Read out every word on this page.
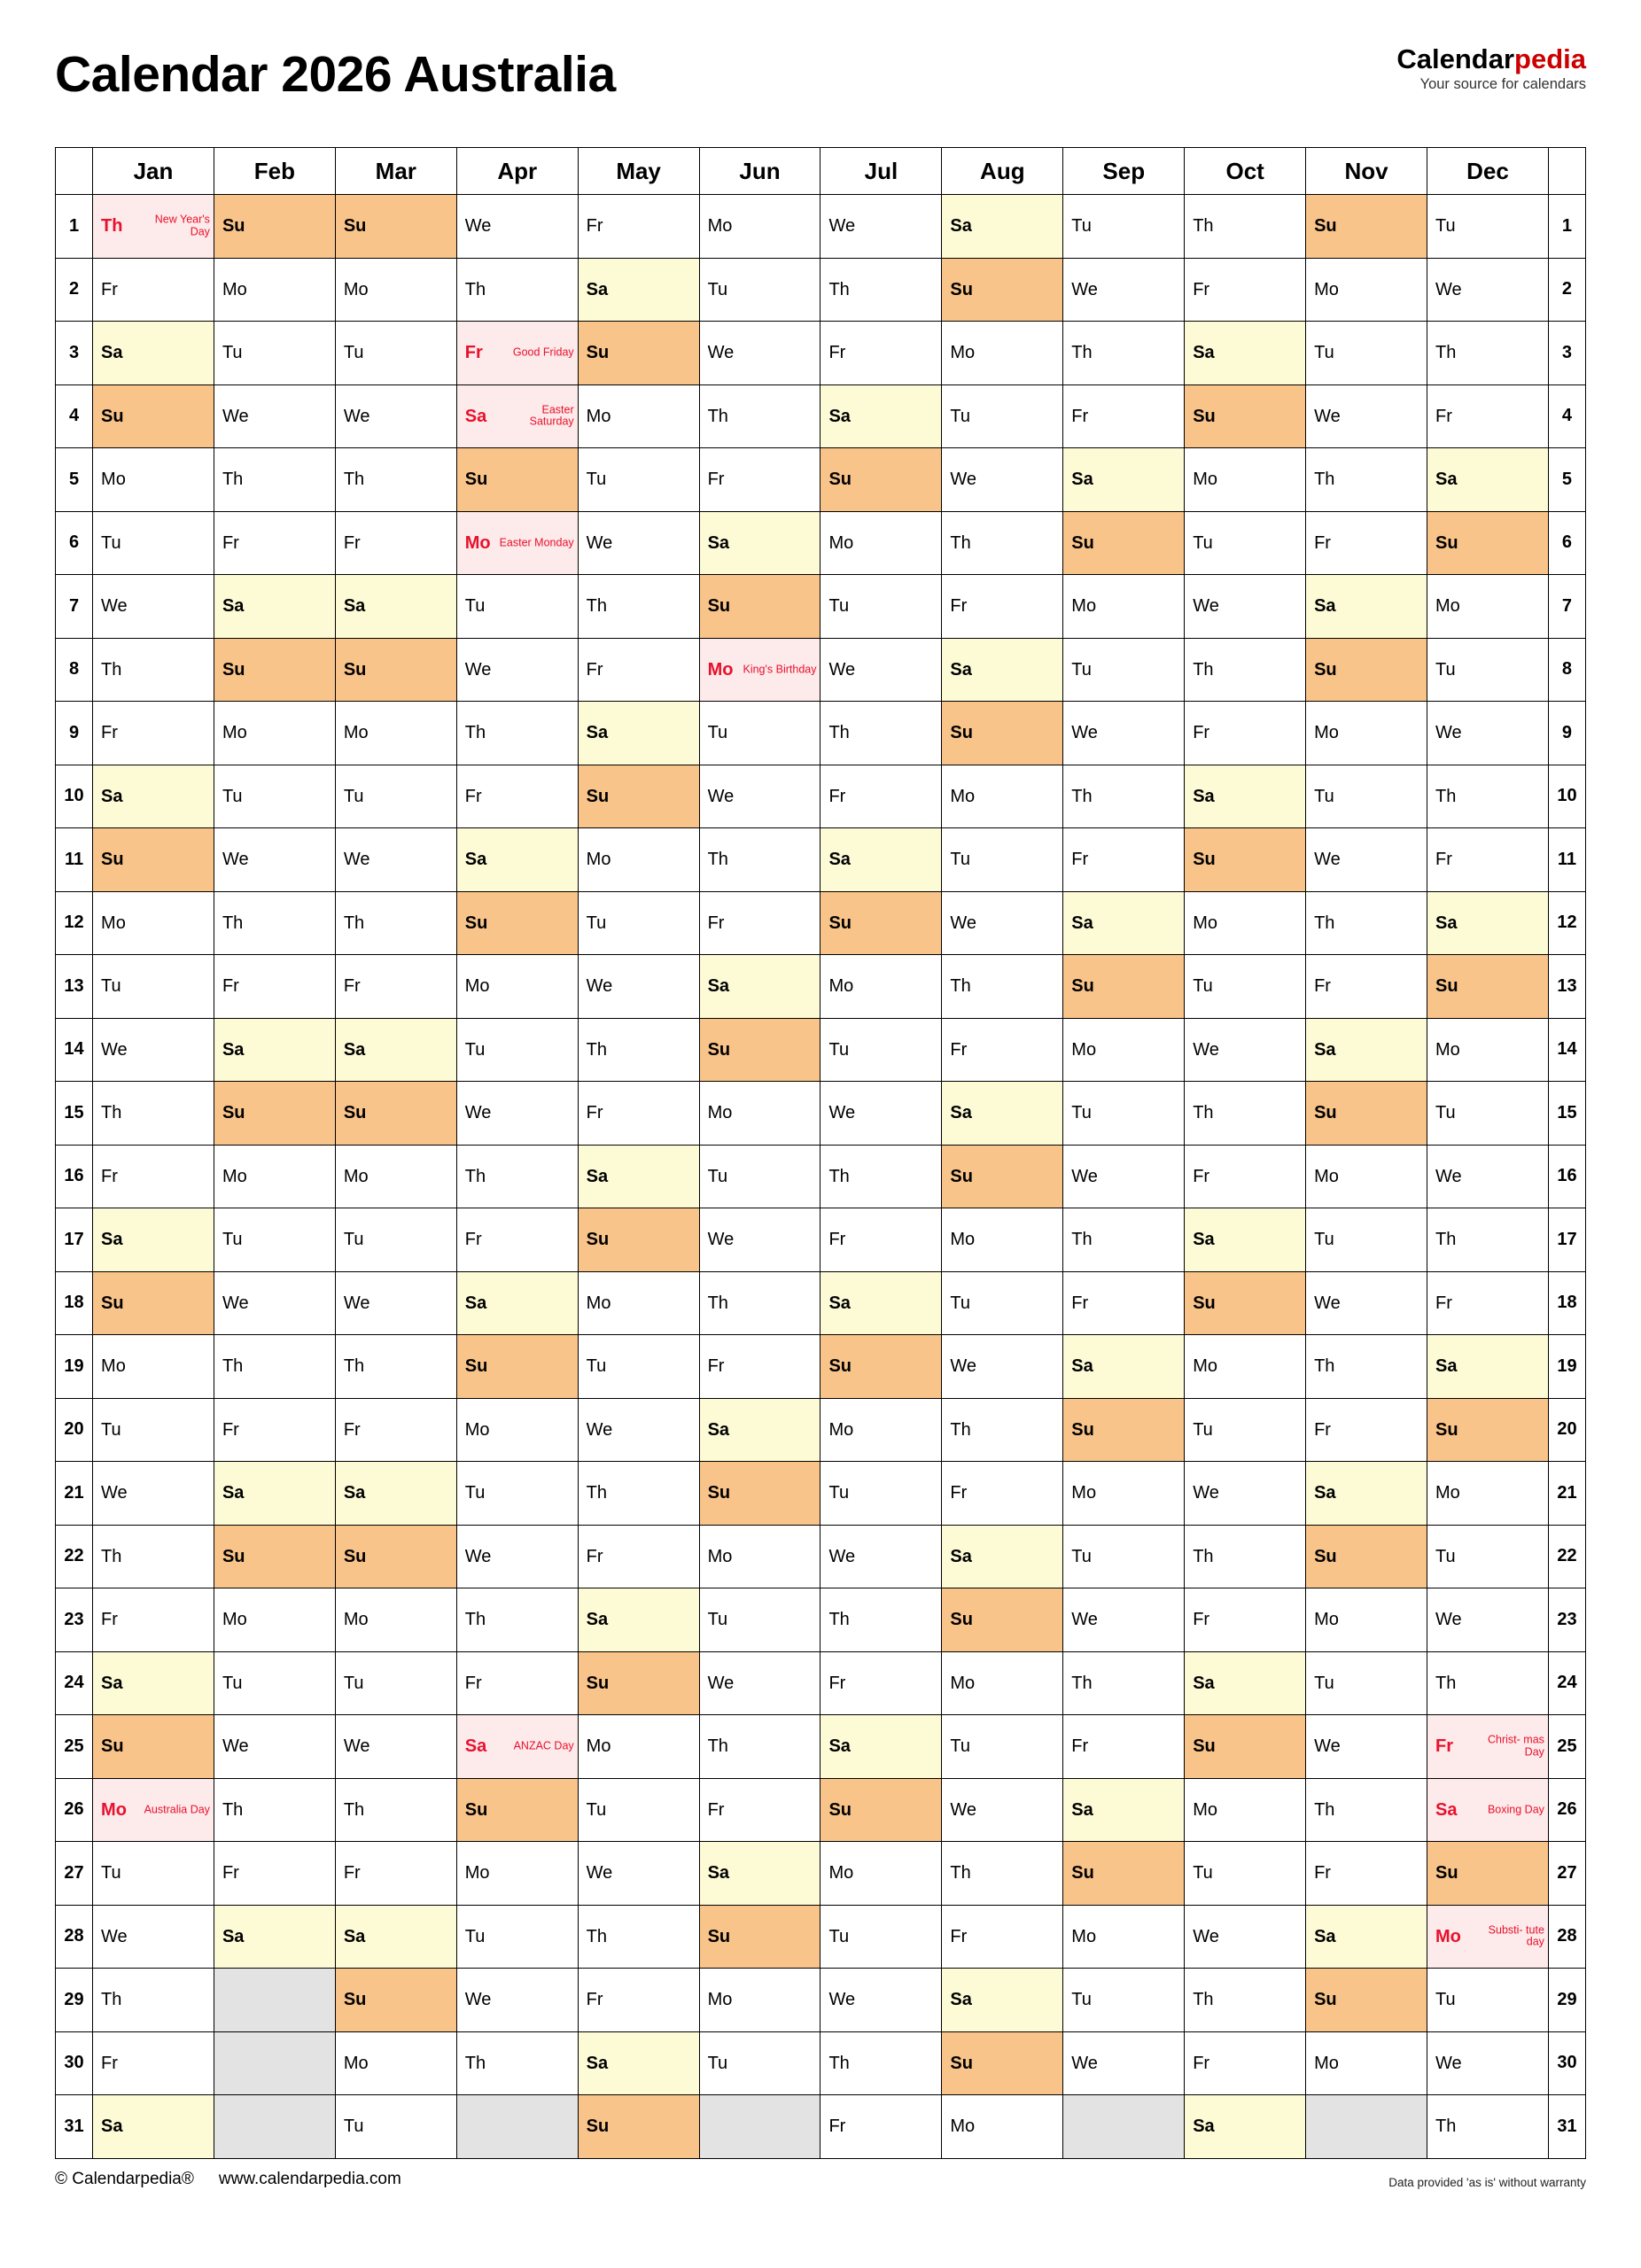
Calendar 2026 Australia	Calendarpedia
Your source for calendars
	Jan	Feb	Mar	Apr	May	Jun	Jul	Aug	Sep	Oct	Nov	Dec	
1	Th New Year's Day	Su	Su	We	Fr	Mo	We	Sa	Tu	Th	Su	Tu	1
2	Fr	Mo	Mo	Th	Sa	Tu	Th	Su	We	Fr	Mo	We	2
3	Sa	Tu	Tu	Fr Good Friday	Su	We	Fr	Mo	Th	Sa	Tu	Th	3
4	Su	We	We	Sa Easter Saturday	Mo	Th	Sa	Tu	Fr	Su	We	Fr	4
5	Mo	Th	Th	Su	Tu	Fr	Su	We	Sa	Mo	Th	Sa	5
6	Tu	Fr	Fr	Mo Easter Monday	We	Sa	Mo	Th	Su	Tu	Fr	Su	6
7	We	Sa	Sa	Tu	Th	Su	Tu	Fr	Mo	We	Sa	Mo	7
8	Th	Su	Su	We	Fr	Mo King's Birthday	We	Sa	Tu	Th	Su	Tu	8
9	Fr	Mo	Mo	Th	Sa	Tu	Th	Su	We	Fr	Mo	We	9
10	Sa	Tu	Tu	Fr	Su	We	Fr	Mo	Th	Sa	Tu	Th	10
11	Su	We	We	Sa	Mo	Th	Sa	Tu	Fr	Su	We	Fr	11
12	Mo	Th	Th	Su	Tu	Fr	Su	We	Sa	Mo	Th	Sa	12
13	Tu	Fr	Fr	Mo	We	Sa	Mo	Th	Su	Tu	Fr	Su	13
14	We	Sa	Sa	Tu	Th	Su	Tu	Fr	Mo	We	Sa	Mo	14
15	Th	Su	Su	We	Fr	Mo	We	Sa	Tu	Th	Su	Tu	15
16	Fr	Mo	Mo	Th	Sa	Tu	Th	Su	We	Fr	Mo	We	16
17	Sa	Tu	Tu	Fr	Su	We	Fr	Mo	Th	Sa	Tu	Th	17
18	Su	We	We	Sa	Mo	Th	Sa	Tu	Fr	Su	We	Fr	18
19	Mo	Th	Th	Su	Tu	Fr	Su	We	Sa	Mo	Th	Sa	19
20	Tu	Fr	Fr	Mo	We	Sa	Mo	Th	Su	Tu	Fr	Su	20
21	We	Sa	Sa	Tu	Th	Su	Tu	Fr	Mo	We	Sa	Mo	21
22	Th	Su	Su	We	Fr	Mo	We	Sa	Tu	Th	Su	Tu	22
23	Fr	Mo	Mo	Th	Sa	Tu	Th	Su	We	Fr	Mo	We	23
24	Sa	Tu	Tu	Fr	Su	We	Fr	Mo	Th	Sa	Tu	Th	24
25	Su	We	We	Sa ANZAC Day	Mo	Th	Sa	Tu	Fr	Su	We	Fr Christ- mas Day	25
26	Mo Australia Day	Th	Th	Su	Tu	Fr	Su	We	Sa	Mo	Th	Sa Boxing Day	26
27	Tu	Fr	Fr	Mo	We	Sa	Mo	Th	Su	Tu	Fr	Su	27
28	We	Sa	Sa	Tu	Th	Su	Tu	Fr	Mo	We	Sa	Mo Substi- tute day	28
29	Th		Su	We	Fr	Mo	We	Sa	Tu	Th	Su	Tu	29
30	Fr		Mo	Th	Sa	Tu	Th	Su	We	Fr	Mo	We	30
31	Sa		Tu		Su		Fr	Mo		Sa		Th	31
© Calendarpedia® www.calendarpedia.com	Data provided 'as is' without warranty
